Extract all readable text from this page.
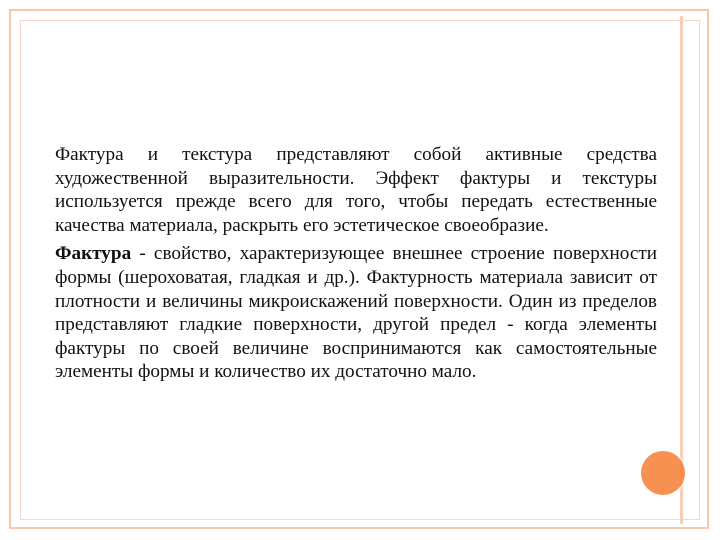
Фактура и текстура представляют собой активные средства художественной выразительности. Эффект фактуры и текстуры используется прежде всего для того, чтобы передать естественные качества материала, раскрыть его эстетическое своеобразие.

Фактура - свойство, характеризующее внешнее строение поверхности формы (шероховатая, гладкая и др.). Фактурность материала зависит от плотности и величины микроискажений поверхности. Один из пределов представляют гладкие поверхности, другой предел - когда элементы фактуры по своей величине воспринимаются как самостоятельные элементы формы и количество их достаточно мало.
